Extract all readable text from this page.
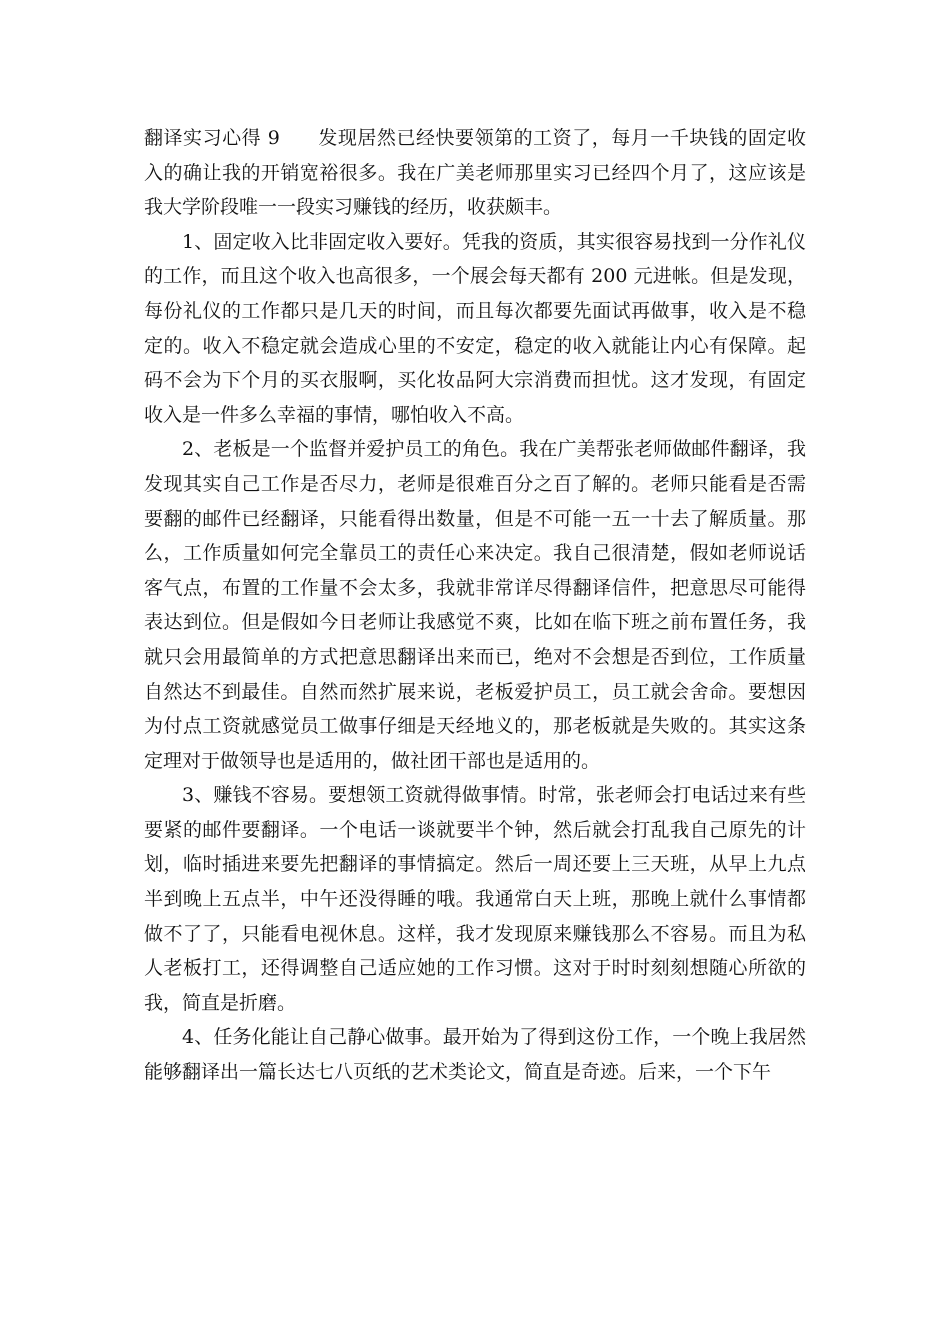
翻译实习心得 9 发现居然已经快要领第的工资了，每月一千块钱的固定收入的确让我的开销宽裕很多。我在广美老师那里实习已经四个月了，这应该是我大学阶段唯一一段实习赚钱的经历，收获颇丰。

1、固定收入比非固定收入要好。凭我的资质，其实很容易找到一分作礼仪的工作，而且这个收入也高很多，一个展会每天都有 200 元进帐。但是发现，每份礼仪的工作都只是几天的时间，而且每次都要先面试再做事，收入是不稳定的。收入不稳定就会造成心里的不安定，稳定的收入就能让内心有保障。起码不会为下个月的买衣服啊，买化妆品阿大宗消费而担忧。这才发现，有固定收入是一件多么幸福的事情，哪怕收入不高。

2、老板是一个监督并爱护员工的角色。我在广美帮张老师做邮件翻译，我发现其实自己工作是否尽力，老师是很难百分之百了解的。老师只能看是否需要翻的邮件已经翻译，只能看得出数量，但是不可能一五一十去了解质量。那么，工作质量如何完全靠员工的责任心来决定。我自己很清楚，假如老师说话客气点，布置的工作量不会太多，我就非常详尽得翻译信件，把意思尽可能得表达到位。但是假如今日老师让我感觉不爽，比如在临下班之前布置任务，我就只会用最简单的方式把意思翻译出来而已，绝对不会想是否到位，工作质量自然达不到最佳。自然而然扩展来说，老板爱护员工，员工就会舍命。要想因为付点工资就感觉员工做事仔细是天经地义的，那老板就是失败的。其实这条定理对于做领导也是适用的，做社团干部也是适用的。

3、赚钱不容易。要想领工资就得做事情。时常，张老师会打电话过来有些要紧的邮件要翻译。一个电话一谈就要半个钟，然后就会打乱我自己原先的计划，临时插进来要先把翻译的事情搞定。然后一周还要上三天班，从早上九点半到晚上五点半，中午还没得睡的哦。我通常白天上班，那晚上就什么事情都做不了了，只能看电视休息。这样，我才发现原来赚钱那么不容易。而且为私人老板打工，还得调整自己适应她的工作习惯。这对于时时刻刻想随心所欲的我，简直是折磨。

4、任务化能让自己静心做事。最开始为了得到这份工作，一个晚上我居然能够翻译出一篇长达七八页纸的艺术类论文，简直是奇迹。后来，一个下午
